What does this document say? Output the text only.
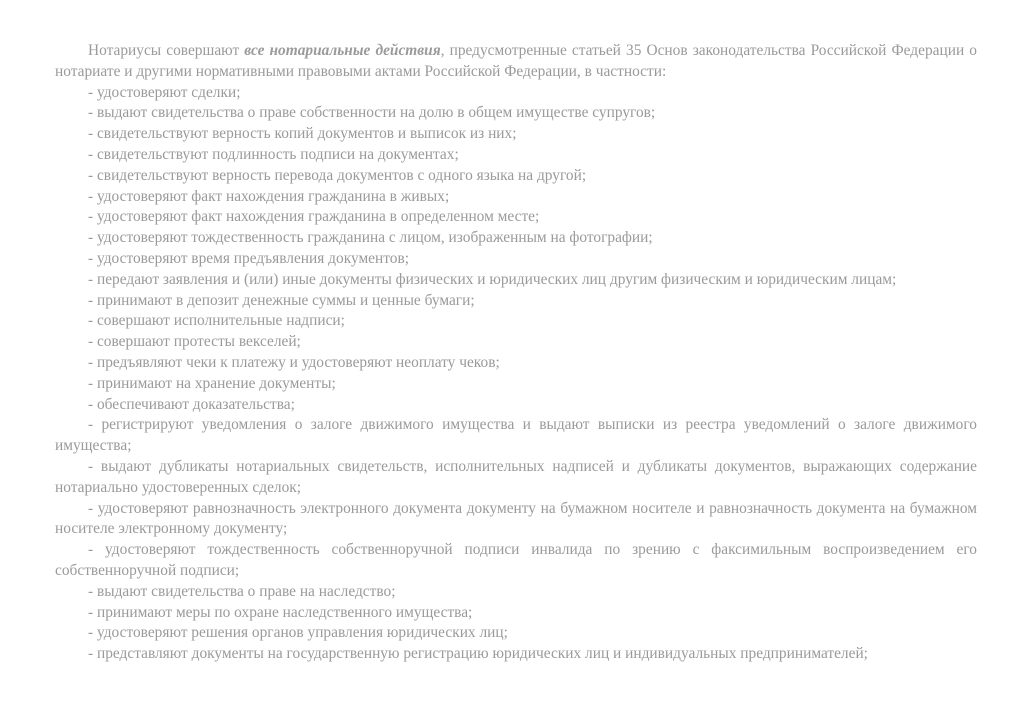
Нотариусы совершают все нотариальные действия, предусмотренные статьей 35 Основ законодательства Российской Федерации о нотариате и другими нормативными правовыми актами Российской Федерации, в частности:

- удостоверяют сделки;

- выдают свидетельства о праве собственности на долю в общем имуществе супругов;

- свидетельствуют верность копий документов и выписок из них;

- свидетельствуют подлинность подписи на документах;

- свидетельствуют верность перевода документов с одного языка на другой;

- удостоверяют факт нахождения гражданина в живых;

- удостоверяют факт нахождения гражданина в определенном месте;

- удостоверяют тождественность гражданина с лицом, изображенным на фотографии;

- удостоверяют время предъявления документов;

- передают заявления и (или) иные документы физических и юридических лиц другим физическим и юридическим лицам;

- принимают в депозит денежные суммы и ценные бумаги;

- совершают исполнительные надписи;

- совершают протесты векселей;

- предъявляют чеки к платежу и удостоверяют неоплату чеков;

- принимают на хранение документы;

- обеспечивают доказательства;

- регистрируют уведомления о залоге движимого имущества и выдают выписки из реестра уведомлений о залоге движимого имущества;

- выдают дубликаты нотариальных свидетельств, исполнительных надписей и дубликаты документов, выражающих содержание нотариально удостоверенных сделок;

- удостоверяют равнозначность электронного документа документу на бумажном носителе и равнозначность документа на бумажном носителе электронному документу;

- удостоверяют тождественность собственноручной подписи инвалида по зрению с факсимильным воспроизведением его собственноручной подписи;

- выдают свидетельства о праве на наследство;

- принимают меры по охране наследственного имущества;

- удостоверяют решения органов управления юридических лиц;

- представляют документы на государственную регистрацию юридических лиц и индивидуальных предпринимателей;
